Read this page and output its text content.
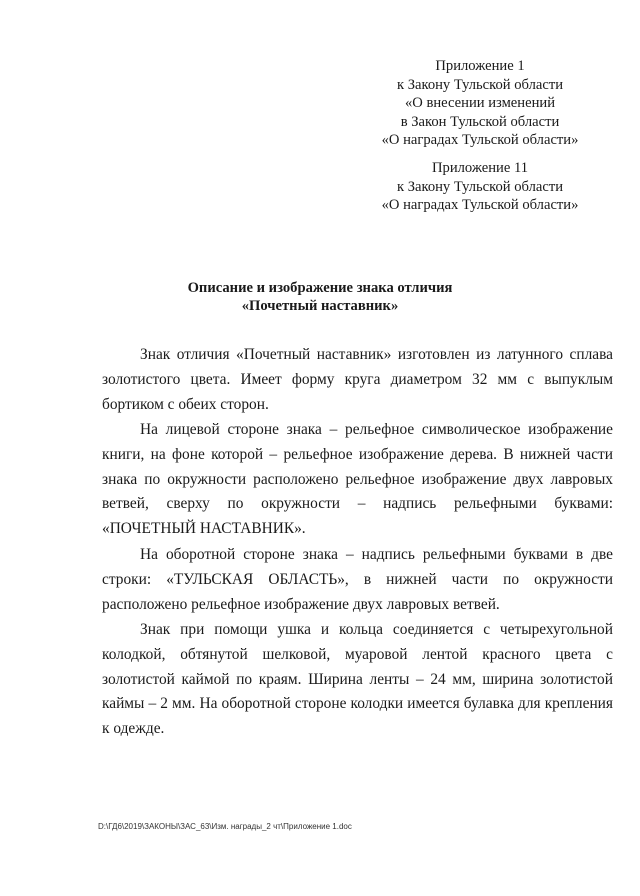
Приложение 1
к Закону Тульской области
«О внесении изменений
в Закон Тульской области
«О наградах Тульской области»
Приложение 11
к Закону Тульской области
«О наградах Тульской области»
Описание и изображение знака отличия
«Почетный наставник»

Знак отличия «Почетный наставник» изготовлен из латунного сплава золотистого цвета. Имеет форму круга диаметром 32 мм с выпуклым бортиком с обеих сторон.

На лицевой стороне знака – рельефное символическое изображение книги, на фоне которой – рельефное изображение дерева. В нижней части знака по окружности расположено рельефное изображение двух лавровых ветвей, сверху по окружности – надпись рельефными буквами: «ПОЧЕТНЫЙ НАСТАВНИК».

На оборотной стороне знака – надпись рельефными буквами в две строки: «ТУЛЬСКАЯ ОБЛАСТЬ», в нижней части по окружности расположено рельефное изображение двух лавровых ветвей.

Знак при помощи ушка и кольца соединяется с четырехугольной колодкой, обтянутой шелковой, муаровой лентой красного цвета с золотистой каймой по краям. Ширина ленты – 24 мм, ширина золотистой каймы – 2 мм. На оборотной стороне колодки имеется булавка для крепления к одежде.

D:\ГД6\2019\ЗАКОНЫ\ЗАС_63\Изм. награды_2 чт\Приложение 1.doc
